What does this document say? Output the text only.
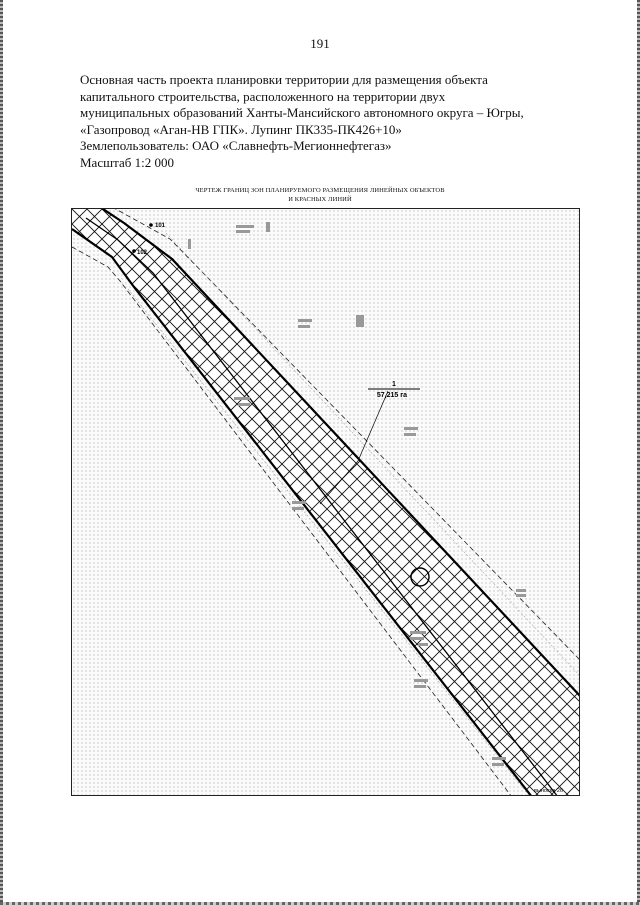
191
Основная часть проекта планировки территории для размещения объекта
капитального строительства, расположенного на территории двух
муниципальных образований Ханты-Мансийского автономного округа – Югры,
«Газопровод «Аган-НВ ГПК». Лупинг ПК335-ПК426+10»
Землепользователь: ОАО «Славнефть-Мегионнефтегаз»
Масштаб 1:2 000
ЧЕРТЕЖ ГРАНИЦ ЗОН ПЛАНИРУЕМОГО РАЗМЕЩЕНИЯ ЛИНЕЙНЫХ ОБЪЕКТОВ
И КРАСНЫХ ЛИНИЙ
101
102
1
57,215 га
выноска 26
